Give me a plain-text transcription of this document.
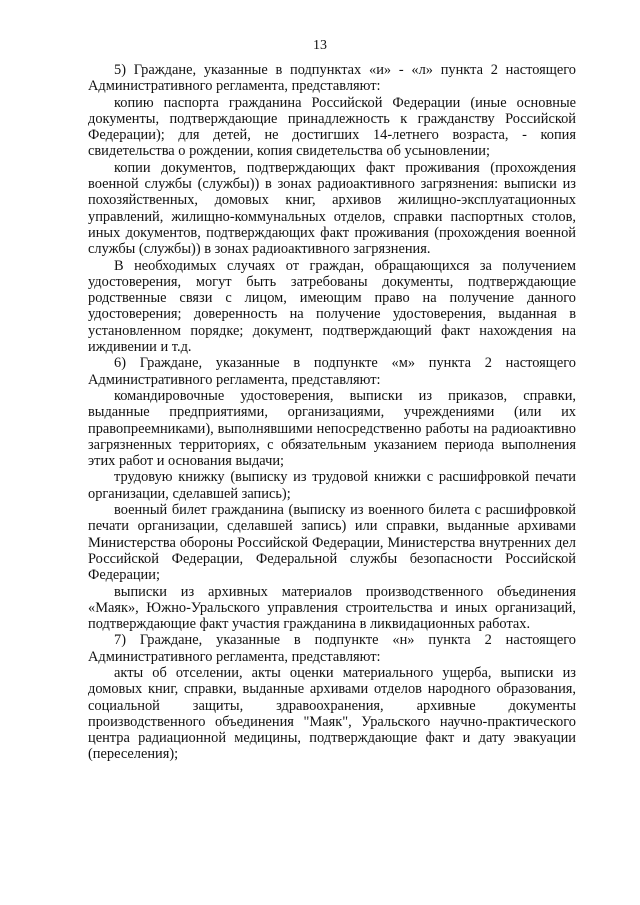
13

5) Граждане, указанные в подпунктах «и» - «л» пункта 2 настоящего Административного регламента, представляют:

копию паспорта гражданина Российской Федерации (иные основные документы, подтверждающие принадлежность к гражданству Российской Федерации); для детей, не достигших 14-летнего возраста, - копия свидетельства о рождении, копия свидетельства об усыновлении;

копии документов, подтверждающих факт проживания (прохождения военной службы (службы)) в зонах радиоактивного загрязнения: выписки из похозяйственных, домовых книг, архивов жилищно-эксплуатационных управлений, жилищно-коммунальных отделов, справки паспортных столов, иных документов, подтверждающих факт проживания (прохождения военной службы (службы)) в зонах радиоактивного загрязнения.

В необходимых случаях от граждан, обращающихся за получением удостоверения, могут быть затребованы документы, подтверждающие родственные связи с лицом, имеющим право на получение данного удостоверения; доверенность на получение удостоверения, выданная в установленном порядке; документ, подтверждающий факт нахождения на иждивении и т.д.

6) Граждане, указанные в подпункте «м» пункта 2 настоящего Административного регламента, представляют:

командировочные удостоверения, выписки из приказов, справки, выданные предприятиями, организациями, учреждениями (или их правопреемниками), выполнявшими непосредственно работы на радиоактивно загрязненных территориях, с обязательным указанием периода выполнения этих работ и основания выдачи;

трудовую книжку (выписку из трудовой книжки с расшифровкой печати организации, сделавшей запись);

военный билет гражданина (выписку из военного билета с расшифровкой печати организации, сделавшей запись) или справки, выданные архивами Министерства обороны Российской Федерации, Министерства внутренних дел Российской Федерации, Федеральной службы безопасности Российской Федерации;

выписки из архивных материалов производственного объединения «Маяк», Южно-Уральского управления строительства и иных организаций, подтверждающие факт участия гражданина в ликвидационных работах.

7) Граждане, указанные в подпункте «н» пункта 2 настоящего Административного регламента, представляют:

акты об отселении, акты оценки материального ущерба, выписки из домовых книг, справки, выданные архивами отделов народного образования, социальной защиты, здравоохранения, архивные документы производственного объединения "Маяк", Уральского научно-практического центра радиационной медицины, подтверждающие факт и дату эвакуации (переселения);
